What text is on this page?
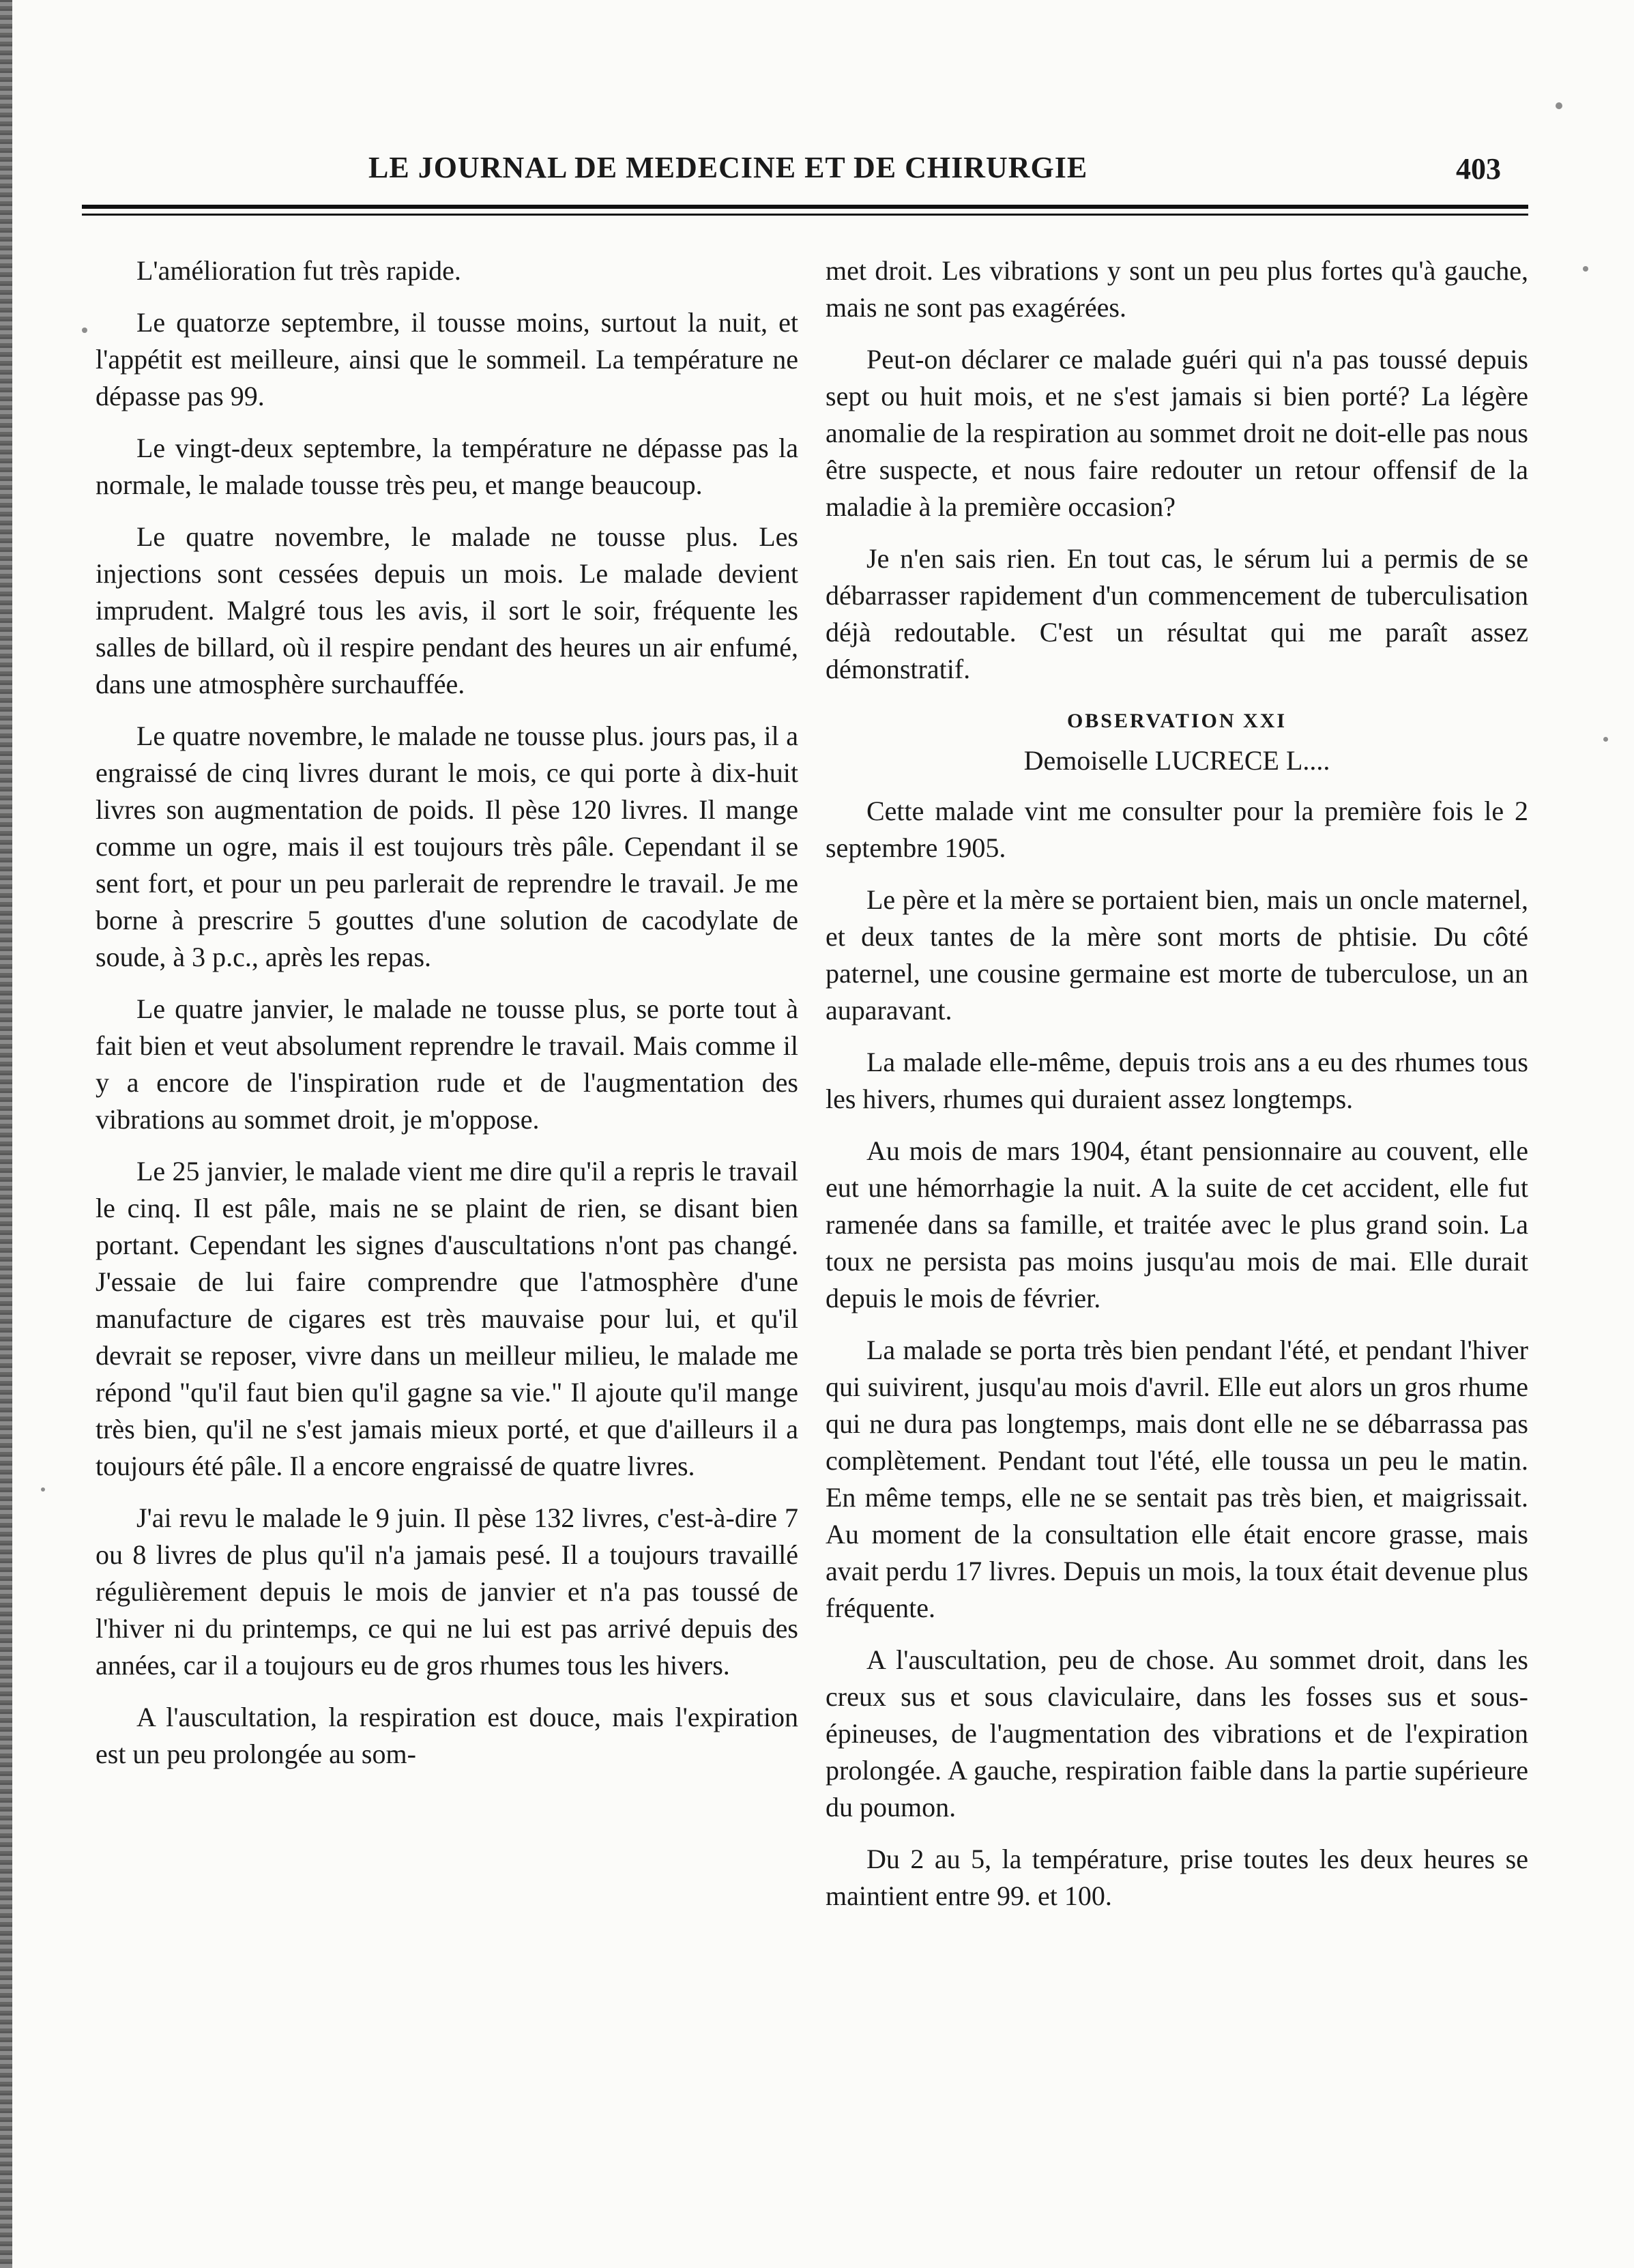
LE JOURNAL DE MEDECINE ET DE CHIRURGIE	403

L'amélioration fut très rapide.

Le quatorze septembre, il tousse moins, surtout la nuit, et l'appétit est meilleure, ainsi que le sommeil. La température ne dépasse pas 99.

Le vingt-deux septembre, la température ne dépasse pas la normale, le malade tousse très peu, et mange beaucoup.

Le quatre novembre, le malade ne tousse plus. Les injections sont cessées depuis un mois. Le malade devient imprudent. Malgré tous les avis, il sort le soir, fréquente les salles de billard, où il respire pendant des heures un air enfumé, dans une atmosphère surchauffée.

Le quatre novembre, le malade ne tousse plus. jours pas, il a engraissé de cinq livres durant le mois, ce qui porte à dix-huit livres son augmentation de poids. Il pèse 120 livres. Il mange comme un ogre, mais il est toujours très pâle. Cependant il se sent fort, et pour un peu parlerait de reprendre le travail. Je me borne à prescrire 5 gouttes d'une solution de cacodylate de soude, à 3 p.c., après les repas.

Le quatre janvier, le malade ne tousse plus, se porte tout à fait bien et veut absolument reprendre le travail. Mais comme il y a encore de l'inspiration rude et de l'augmentation des vibrations au sommet droit, je m'oppose.

Le 25 janvier, le malade vient me dire qu'il a repris le travail le cinq. Il est pâle, mais ne se plaint de rien, se disant bien portant. Cependant les signes d'auscultations n'ont pas changé. J'essaie de lui faire comprendre que l'atmosphère d'une manufacture de cigares est très mauvaise pour lui, et qu'il devrait se reposer, vivre dans un meilleur milieu, le malade me répond "qu'il faut bien qu'il gagne sa vie." Il ajoute qu'il mange très bien, qu'il ne s'est jamais mieux porté, et que d'ailleurs il a toujours été pâle. Il a encore engraissé de quatre livres.

J'ai revu le malade le 9 juin. Il pèse 132 livres, c'est-à-dire 7 ou 8 livres de plus qu'il n'a jamais pesé. Il a toujours travaillé régulièrement depuis le mois de janvier et n'a pas toussé de l'hiver ni du printemps, ce qui ne lui est pas arrivé depuis des années, car il a toujours eu de gros rhumes tous les hivers.

A l'auscultation, la respiration est douce, mais l'expiration est un peu prolongée au som-

met droit. Les vibrations y sont un peu plus fortes qu'à gauche, mais ne sont pas exagérées.

Peut-on déclarer ce malade guéri qui n'a pas toussé depuis sept ou huit mois, et ne s'est jamais si bien porté? La légère anomalie de la respiration au sommet droit ne doit-elle pas nous être suspecte, et nous faire redouter un retour offensif de la maladie à la première occasion?

Je n'en sais rien. En tout cas, le sérum lui a permis de se débarrasser rapidement d'un commencement de tuberculisation déjà redoutable. C'est un résultat qui me paraît assez démonstratif.

OBSERVATION XXI
Demoiselle LUCRECE L....

Cette malade vint me consulter pour la première fois le 2 septembre 1905.

Le père et la mère se portaient bien, mais un oncle maternel, et deux tantes de la mère sont morts de phtisie. Du côté paternel, une cousine germaine est morte de tuberculose, un an auparavant.

La malade elle-même, depuis trois ans a eu des rhumes tous les hivers, rhumes qui duraient assez longtemps.

Au mois de mars 1904, étant pensionnaire au couvent, elle eut une hémorrhagie la nuit. A la suite de cet accident, elle fut ramenée dans sa famille, et traitée avec le plus grand soin. La toux ne persista pas moins jusqu'au mois de mai. Elle durait depuis le mois de février.

La malade se porta très bien pendant l'été, et pendant l'hiver qui suivirent, jusqu'au mois d'avril. Elle eut alors un gros rhume qui ne dura pas longtemps, mais dont elle ne se débarrassa pas complètement. Pendant tout l'été, elle toussa un peu le matin. En même temps, elle ne se sentait pas très bien, et maigrissait. Au moment de la consultation elle était encore grasse, mais avait perdu 17 livres. Depuis un mois, la toux était devenue plus fréquente.

A l'auscultation, peu de chose. Au sommet droit, dans les creux sus et sous claviculaire, dans les fosses sus et sous-épineuses, de l'augmentation des vibrations et de l'expiration prolongée. A gauche, respiration faible dans la partie supérieure du poumon.

Du 2 au 5, la température, prise toutes les deux heures se maintient entre 99. et 100.
